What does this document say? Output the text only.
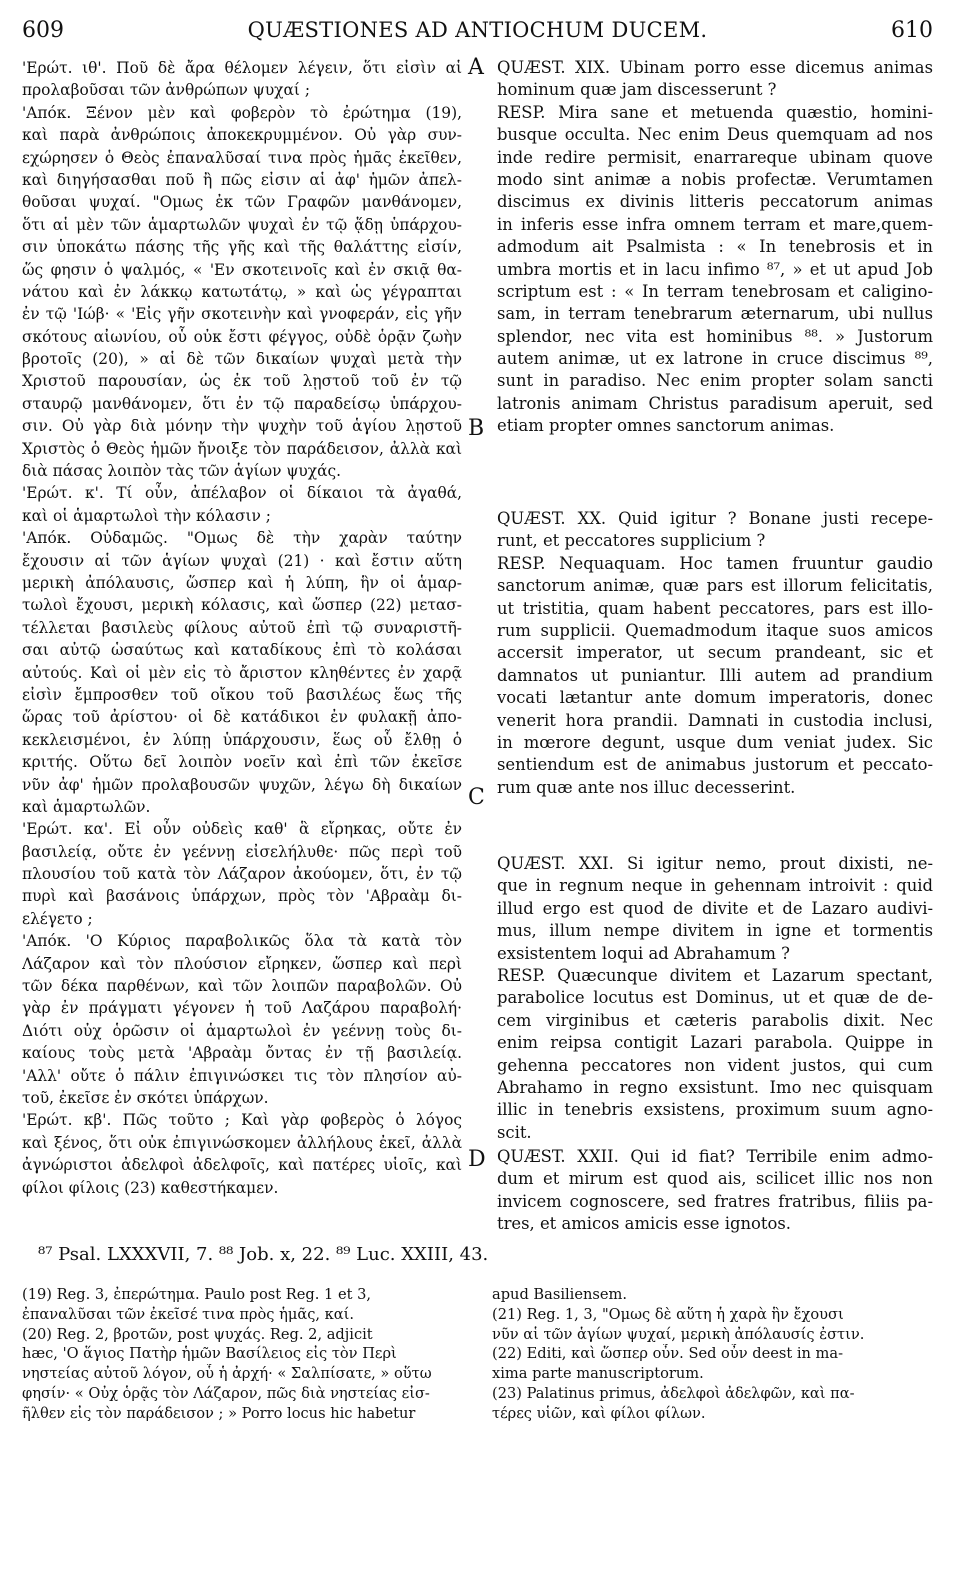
609	QUÆSTIONES AD ANTIOCHUM DUCEM.	610
'Ερώτ. ιθ'. Ποῦ δὲ ἄρα θέλομεν λέγειν, ὅτι εἰσὶν αἱ
προλαβοῦσαι τῶν ἀνθρώπων ψυχαί ;
'Απόκ. Ξένον μὲν καὶ φοβερὸν τὸ ἐρώτημα (19),
καὶ παρὰ ἀνθρώποις ἀποκεκρυμμένον. Οὐ γὰρ συν-
εχώρησεν ὁ Θεὸς ἐπαναλῦσαί τινα πρὸς ἡμᾶς ἐκεῖθεν,
καὶ διηγήσασθαι ποῦ ἢ πῶς εἰσιν αἱ ἀφ' ἡμῶν ἀπελ-
θοῦσαι ψυχαί. "Ομως ἐκ τῶν Γραφῶν μανθάνομεν,
ὅτι αἱ μὲν τῶν ἁμαρτωλῶν ψυχαὶ ἐν τῷ ᾅδῃ ὑπάρχου-
σιν ὑποκάτω πάσης τῆς γῆς καὶ τῆς θαλάττης εἰσίν,
ὥς φησιν ὁ ψαλμός, « 'Εν σκοτεινοῖς καὶ ἐν σκιᾷ θα-
νάτου καὶ ἐν λάκκῳ κατωτάτῳ, » καὶ ὡς γέγραπται
ἐν τῷ 'Ιώβ· « 'Εἰς γῆν σκοτεινὴν καὶ γνοφεράν, εἰς γῆν
σκότους αἰωνίου, οὗ οὐκ ἔστι φέγγος, οὐδὲ ὁρᾷν ζωὴν
βροτοῖς (20), » αἱ δὲ τῶν δικαίων ψυχαὶ μετὰ τὴν
Χριστοῦ παρουσίαν, ὡς ἐκ τοῦ λῃστοῦ τοῦ ἐν τῷ
σταυρῷ μανθάνομεν, ὅτι ἐν τῷ παραδείσῳ ὑπάρχου-
σιν. Οὐ γὰρ διὰ μόνην τὴν ψυχὴν τοῦ ἁγίου λῃστοῦ
Χριστὸς ὁ Θεὸς ἡμῶν ἤνοιξε τὸν παράδεισον, ἀλλὰ καὶ
διὰ πάσας λοιπὸν τὰς τῶν ἁγίων ψυχάς.
'Ερώτ. κ'. Τί οὖν, ἀπέλαβον οἱ δίκαιοι τὰ ἀγαθά,
καὶ οἱ ἁμαρτωλοὶ τὴν κόλασιν ;
'Απόκ. Οὐδαμῶς. "Ομως δὲ τὴν χαρὰν ταύτην
ἔχουσιν αἱ τῶν ἁγίων ψυχαὶ (21) · καὶ ἔστιν αὕτη
μερικὴ ἀπόλαυσις, ὥσπερ καὶ ἡ λύπη, ἣν οἱ ἁμαρ-
τωλοὶ ἔχουσι, μερικὴ κόλασις, καὶ ὥσπερ (22) μετασ-
τέλλεται βασιλεὺς φίλους αὐτοῦ ἐπὶ τῷ συναριστῆ-
σαι αὐτῷ ὡσαύτως καὶ καταδίκους ἐπὶ τὸ κολάσαι
αὐτούς. Καὶ οἱ μὲν εἰς τὸ ἄριστον κληθέντες ἐν χαρᾷ
εἰσὶν ἔμπροσθεν τοῦ οἴκου τοῦ βασιλέως ἕως τῆς
ὥρας τοῦ ἀρίστου· οἱ δὲ κατάδικοι ἐν φυλακῇ ἀπο-
κεκλεισμένοι, ἐν λύπῃ ὑπάρχουσιν, ἕως οὗ ἔλθῃ ὁ
κριτής. Οὕτω δεῖ λοιπὸν νοεῖν καὶ ἐπὶ τῶν ἐκεῖσε
νῦν ἀφ' ἡμῶν προλαβουσῶν ψυχῶν, λέγω δὴ δικαίων
καὶ ἁμαρτωλῶν.
'Ερώτ. κα'. Εἰ οὖν οὐδεὶς καθ' ἃ εἴρηκας, οὔτε ἐν
βασιλείᾳ, οὔτε ἐν γεέννῃ εἰσελήλυθε· πῶς περὶ τοῦ
πλουσίου τοῦ κατὰ τὸν Λάζαρον ἀκούομεν, ὅτι, ἐν τῷ
πυρὶ καὶ βασάνοις ὑπάρχων, πρὸς τὸν 'Αβραὰμ δι-
ελέγετο ;
'Απόκ. 'Ο Κύριος παραβολικῶς ὅλα τὰ κατὰ τὸν
Λάζαρον καὶ τὸν πλούσιον εἴρηκεν, ὥσπερ καὶ περὶ
τῶν δέκα παρθένων, καὶ τῶν λοιπῶν παραβολῶν. Οὐ
γὰρ ἐν πράγματι γέγονεν ἡ τοῦ Λαζάρου παραβολή·
Διότι οὐχ ὁρῶσιν οἱ ἁμαρτωλοὶ ἐν γεέννῃ τοὺς δι-
καίους τοὺς μετὰ 'Αβραὰμ ὄντας ἐν τῇ βασιλείᾳ.
'Αλλ' οὔτε ὁ πάλιν ἐπιγινώσκει τις τὸν πλησίον αὐ-
τοῦ, ἐκεῖσε ἐν σκότει ὑπάρχων.
'Ερώτ. κβ'. Πῶς τοῦτο ; Καὶ γὰρ φοβερὸς ὁ λόγος
καὶ ξένος, ὅτι οὐκ ἐπιγινώσκομεν ἀλλήλους ἐκεῖ, ἀλλὰ
ἀγνώριστοι ἀδελφοὶ ἀδελφοῖς, καὶ πατέρες υἱοῖς, καὶ
φίλοι φίλοις (23) καθεστήκαμεν.
QUÆST. XIX. Ubinam porro esse dicemus animas
hominum quæ jam discesserunt ?
RESP. Mira sane et metuenda quæstio, homini-
busque occulta. Nec enim Deus quemquam ad nos
inde redire permisit, enarrareque ubinam quove
modo sint animæ a nobis profectæ. Verumtamen
discimus ex divinis litteris peccatorum animas
in inferis esse infra omnem terram et mare,quem-
admodum ait Psalmista : « In tenebrosis et in
umbra mortis et in lacu infimo ⁸⁷, » et ut apud Job
scriptum est : « In terram tenebrosam et caligino-
sam, in terram tenebrarum æternarum, ubi nullus
splendor, nec vita est hominibus ⁸⁸. » Justorum
autem animæ, ut ex latrone in cruce discimus ⁸⁹,
sunt in paradiso. Nec enim propter solam sancti
latronis animam Christus paradisum aperuit, sed
etiam propter omnes sanctorum animas.
QUÆST. XX. Quid igitur ? Bonane justi recepe-
runt, et peccatores supplicium ?
RESP. Nequaquam. Hoc tamen fruuntur gaudio
sanctorum animæ, quæ pars est illorum felicitatis,
ut tristitia, quam habent peccatores, pars est illo-
rum supplicii. Quemadmodum itaque suos amicos
accersit imperator, ut secum prandeant, sic et
damnatos ut puniantur. Illi autem ad prandium
vocati lætantur ante domum imperatoris, donec
venerit hora prandii. Damnati in custodia inclusi,
in mœrore degunt, usque dum veniat judex. Sic
sentiendum est de animabus justorum et peccato-
rum quæ ante nos illuc decesserint.
QUÆST. XXI. Si igitur nemo, prout dixisti, ne-
que in regnum neque in gehennam introivit : quid
illud ergo est quod de divite et de Lazaro audivi-
mus, illum nempe divitem in igne et tormentis
exsistentem loqui ad Abrahamum ?
RESP. Quæcunque divitem et Lazarum spectant,
parabolice locutus est Dominus, ut et quæ de de-
cem virginibus et cæteris parabolis dixit. Nec
enim reipsa contigit Lazari parabola. Quippe in
gehenna peccatores non vident justos, qui cum
Abrahamo in regno exsistunt. Imo nec quisquam
illic in tenebris exsistens, proximum suum agno-
scit.
QUÆST. XXII. Qui id fiat? Terribile enim admo-
dum et mirum est quod ais, scilicet illic nos non
invicem cognoscere, sed fratres fratribus, filiis pa-
tres, et amicos amicis esse ignotos.
A
B
C
D
⁸⁷ Psal. LXXXVII, 7. ⁸⁸ Job. x, 22. ⁸⁹ Luc. XXIII, 43.
(19) Reg. 3, ἐπερώτημα. Paulo post Reg. 1 et 3,
ἐπαναλῦσαι τῶν ἐκεῖσέ τινα πρὸς ἡμᾶς, καί.
(20) Reg. 2, βροτῶν, post ψυχάς. Reg. 2, adjicit
hæc, 'Ο ἅγιος Πατὴρ ἡμῶν Βασίλειος εἰς τὸν Περὶ
νηστείας αὐτοῦ λόγον, οὗ ἡ ἀρχή· « Σαλπίσατε, » οὕτω
φησίν· « Οὐχ ὁρᾷς τὸν Λάζαρον, πῶς διὰ νηστείας εἰσ-
ῆλθεν εἰς τὸν παράδεισον ; » Porro locus hic habetur
apud Basiliensem.
(21) Reg. 1, 3, "Ομως δὲ αὕτη ἡ χαρὰ ἣν ἔχουσι
νῦν αἱ τῶν ἁγίων ψυχαί, μερικὴ ἀπόλαυσίς ἐστιν.
(22) Editi, καὶ ὥσπερ οὖν. Sed οὖν deest in ma-
xima parte manuscriptorum.
(23) Palatinus primus, ἀδελφοὶ ἀδελφῶν, καὶ πα-
τέρες υἱῶν, καὶ φίλοι φίλων.
